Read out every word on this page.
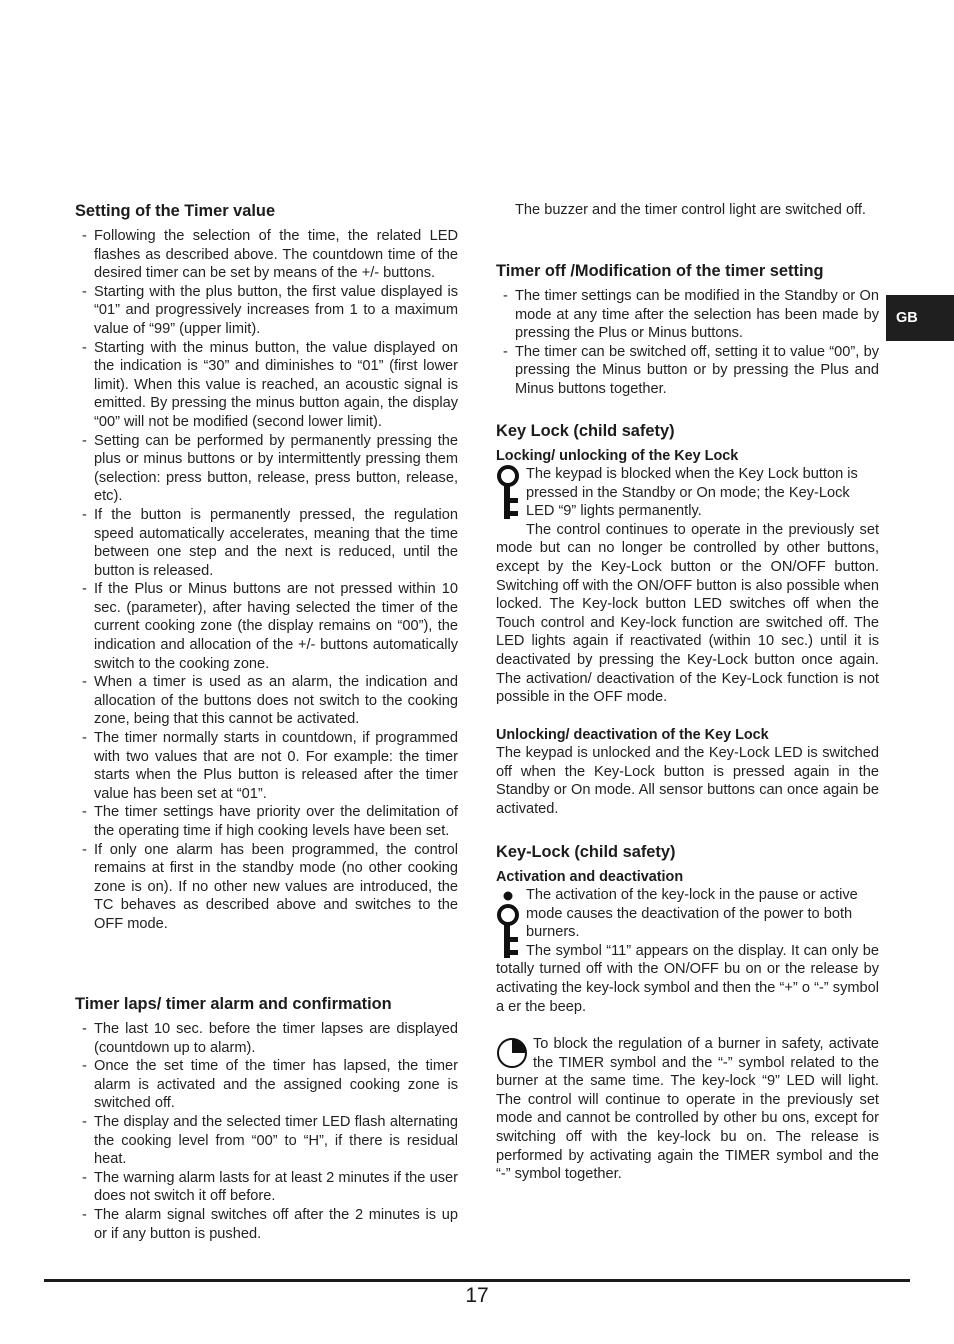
GB
Setting of the Timer value
- Following the selection of the time, the related LED flashes as described above. The countdown time of the desired timer can be set by means of the +/- buttons.
- Starting with the plus button, the first value displayed is “01” and progressively increases from 1 to a maximum value of “99” (upper limit).
- Starting with the minus button, the value displayed on the indication is “30” and diminishes to “01” (first lower limit). When this value is reached, an acoustic signal is emitted. By pressing the minus button again, the display “00” will not be modified (second lower limit).
- Setting can be performed by permanently pressing the plus or minus buttons or by intermittently pressing them (selection: press button, release, press button, release, etc).
- If the button is permanently pressed, the regulation speed automatically accelerates, meaning that the time between one step and the next is reduced, until the button is released.
- If the Plus or Minus buttons are not pressed within 10 sec. (parameter), after having selected the timer of the current cooking zone (the display remains on “00”), the indication and allocation of the +/- buttons automatically switch to the cooking zone.
- When a timer is used as an alarm, the indication and allocation of the buttons does not switch to the cooking zone, being that this cannot be activated.
- The timer normally starts in countdown, if programmed with two values that are not 0. For example: the timer starts when the Plus button is released after the timer value has been set at “01”.
- The timer settings have priority over the delimitation of the operating time if high cooking levels have been set.
- If only one alarm has been programmed, the control remains at first in the standby mode (no other cooking zone is on). If no other new values are introduced, the TC behaves as described above and switches to the OFF mode.
Timer laps/ timer alarm and confirmation
- The last 10 sec. before the timer lapses are displayed (countdown up to alarm).
- Once the set time of the timer has lapsed, the timer alarm is activated and the assigned cooking zone is switched off.
- The display and the selected timer LED flash alternating the cooking level from “00” to “H”, if there is residual heat.
- The warning alarm lasts for at least 2 minutes if the user does not switch it off before.
- The alarm signal switches off after the 2 minutes is up or if any button is pushed.

The buzzer and the timer control light are switched off.

Timer off /Modification of the timer setting
- The timer settings can be modified in the Standby or On mode at any time after the selection has been made by pressing the Plus or Minus buttons.
- The timer can be switched off, setting it to value “00”, by pressing the Minus button or by pressing the Plus and Minus buttons together.
Key Lock (child safety)
Locking/ unlocking of the Key Lock

The keypad is blocked when the Key Lock button is pressed in the Standby or On mode; the Key-Lock LED “9” lights permanently.

The control continues to operate in the previously set mode but can no longer be controlled by other buttons, except by the Key-Lock button or the ON/OFF button. Switching off with the ON/OFF button is also possible when locked. The Key-lock button LED switches off when the Touch control and Key-lock function are switched off. The LED lights again if reactivated (within 10 sec.) until it is deactivated by pressing the Key-Lock button once again. The activation/ deactivation of the Key-Lock function is not possible in the OFF mode.

Unlocking/ deactivation of the Key Lock

The keypad is unlocked and the Key-Lock LED is switched off when the Key-Lock button is pressed again in the Standby or On mode. All sensor buttons can once again be activated.

Key-Lock (child safety)
Activation and deactivation

The activation of the key-lock in the pause or active mode causes the deactivation of the power to both burners.

The symbol “11” appears on the display. It can only be totally turned off with the ON/OFF bu on or the release by activating the key-lock symbol and then the “+” o “-” symbol a er the beep.

To block the regulation of a burner in safety, activate the TIMER symbol and the “-” symbol related to the burner at the same time. The key-lock “9” LED will light. The control will continue to operate in the previously set mode and cannot be controlled by other bu ons, except for switching off with the key-lock bu on. The release is performed by activating again the TIMER symbol and the “-” symbol together.

17
